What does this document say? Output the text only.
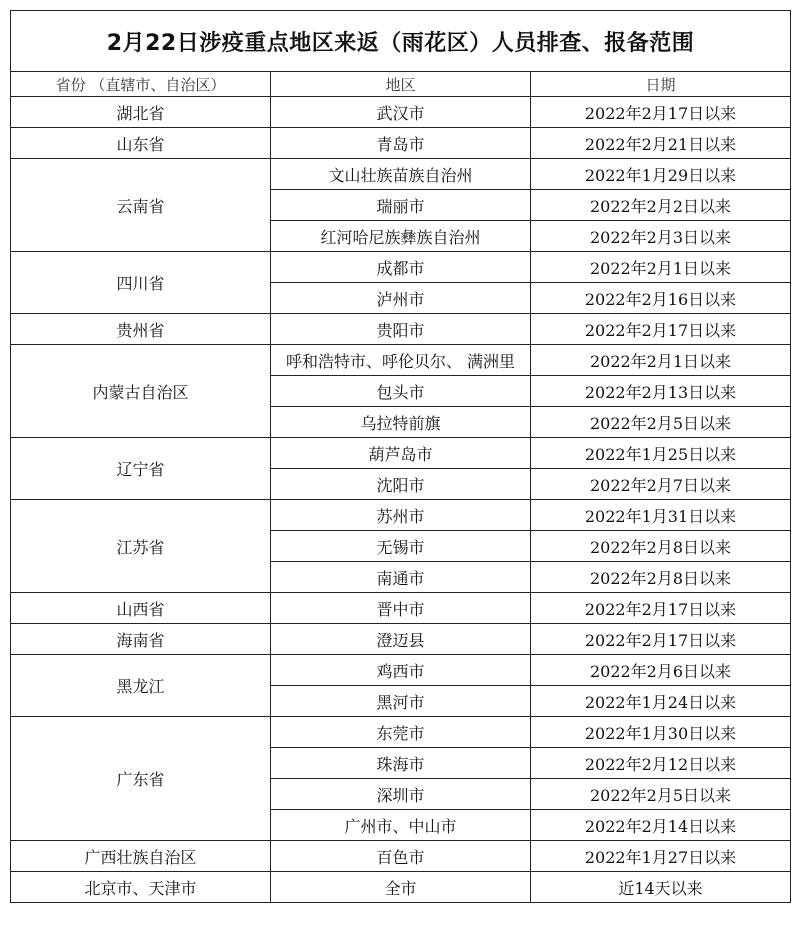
2月22日涉疫重点地区来返（雨花区）人员排查、报备范围		
省份 （直辖市、自治区）	地区	日期
湖北省	武汉市	2022年2月17日以来
山东省	青岛市	2022年2月21日以来
云南省	文山壮族苗族自治州	2022年1月29日以来
	瑞丽市	2022年2月2日以来
	红河哈尼族彝族自治州	2022年2月3日以来
四川省	成都市	2022年2月1日以来
	泸州市	2022年2月16日以来
贵州省	贵阳市	2022年2月17日以来
内蒙古自治区	呼和浩特市、呼伦贝尔、 满洲里	2022年2月1日以来
	包头市	2022年2月13日以来
	乌拉特前旗	2022年2月5日以来
辽宁省	葫芦岛市	2022年1月25日以来
	沈阳市	2022年2月7日以来
江苏省	苏州市	2022年1月31日以来
	无锡市	2022年2月8日以来
	南通市	2022年2月8日以来
山西省	晋中市	2022年2月17日以来
海南省	澄迈县	2022年2月17日以来
黑龙江	鸡西市	2022年2月6日以来
	黑河市	2022年1月24日以来
广东省	东莞市	2022年1月30日以来
	珠海市	2022年2月12日以来
	深圳市	2022年2月5日以来
	广州市、中山市	2022年2月14日以来
广西壮族自治区	百色市	2022年1月27日以来
北京市、天津市	全市	近14天以来
